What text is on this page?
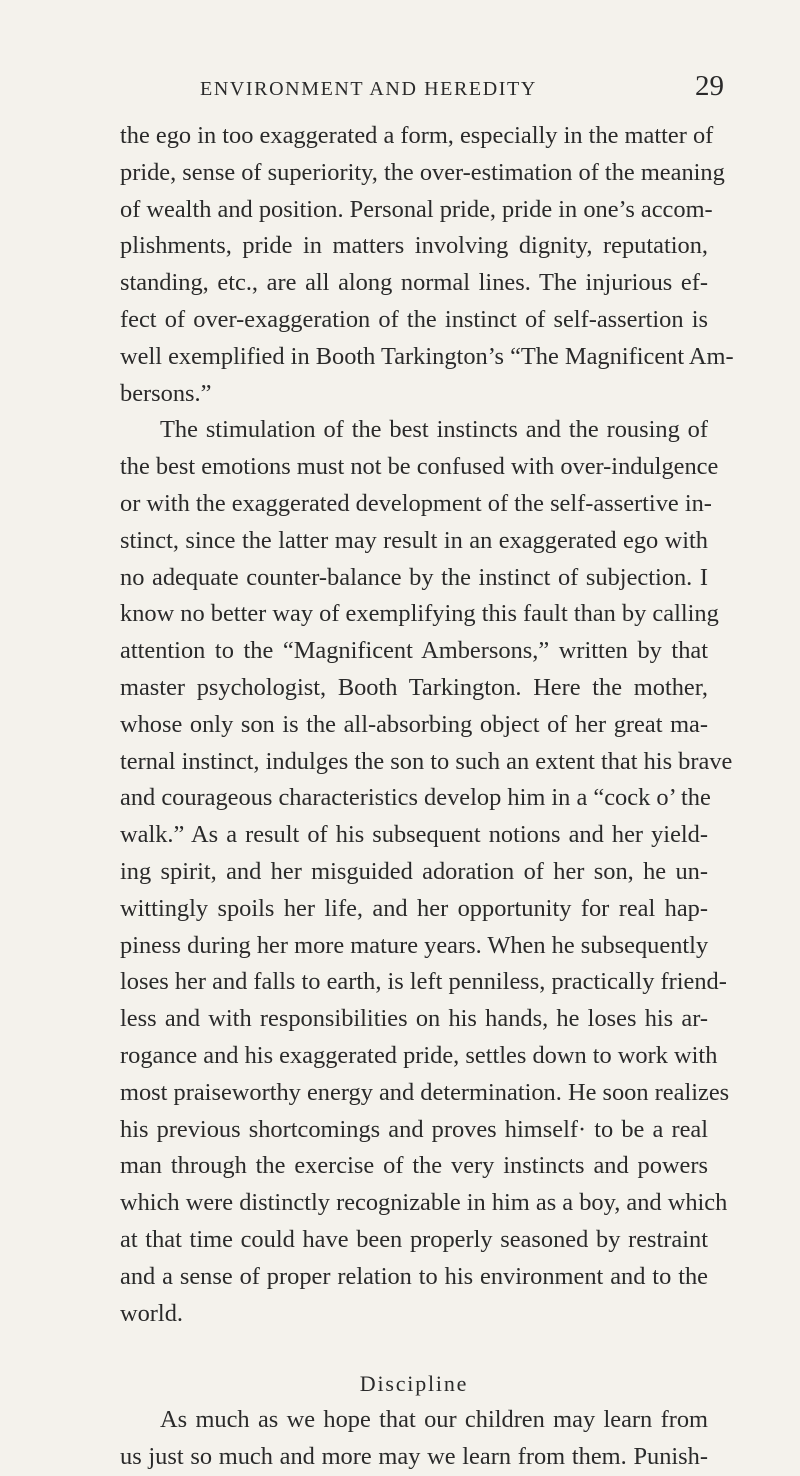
ENVIRONMENT AND HEREDITY	29
the ego in too exaggerated a form, especially in the matter of
pride, sense of superiority, the over-estimation of the meaning
of wealth and position. Personal pride, pride in one’s accom-
plishments, pride in matters involving dignity, reputation,
standing, etc., are all along normal lines. The injurious ef-
fect of over-exaggeration of the instinct of self-assertion is
well exemplified in Booth Tarkington’s “The Magnificent Am-
bersons.”
The stimulation of the best instincts and the rousing of
the best emotions must not be confused with over-indulgence
or with the exaggerated development of the self-assertive in-
stinct, since the latter may result in an exaggerated ego with
no adequate counter-balance by the instinct of subjection. I
know no better way of exemplifying this fault than by calling
attention to the “Magnificent Ambersons,” written by that
master psychologist, Booth Tarkington. Here the mother,
whose only son is the all-absorbing object of her great ma-
ternal instinct, indulges the son to such an extent that his brave
and courageous characteristics develop him in a “cock o’ the
walk.” As a result of his subsequent notions and her yield-
ing spirit, and her misguided adoration of her son, he un-
wittingly spoils her life, and her opportunity for real hap-
piness during her more mature years. When he subsequently
loses her and falls to earth, is left penniless, practically friend-
less and with responsibilities on his hands, he loses his ar-
rogance and his exaggerated pride, settles down to work with
most praiseworthy energy and determination. He soon realizes
his previous shortcomings and proves himself· to be a real
man through the exercise of the very instincts and powers
which were distinctly recognizable in him as a boy, and which
at that time could have been properly seasoned by restraint
and a sense of proper relation to his environment and to the
world.
Discipline
As much as we hope that our children may learn from
us just so much and more may we learn from them. Punish-
